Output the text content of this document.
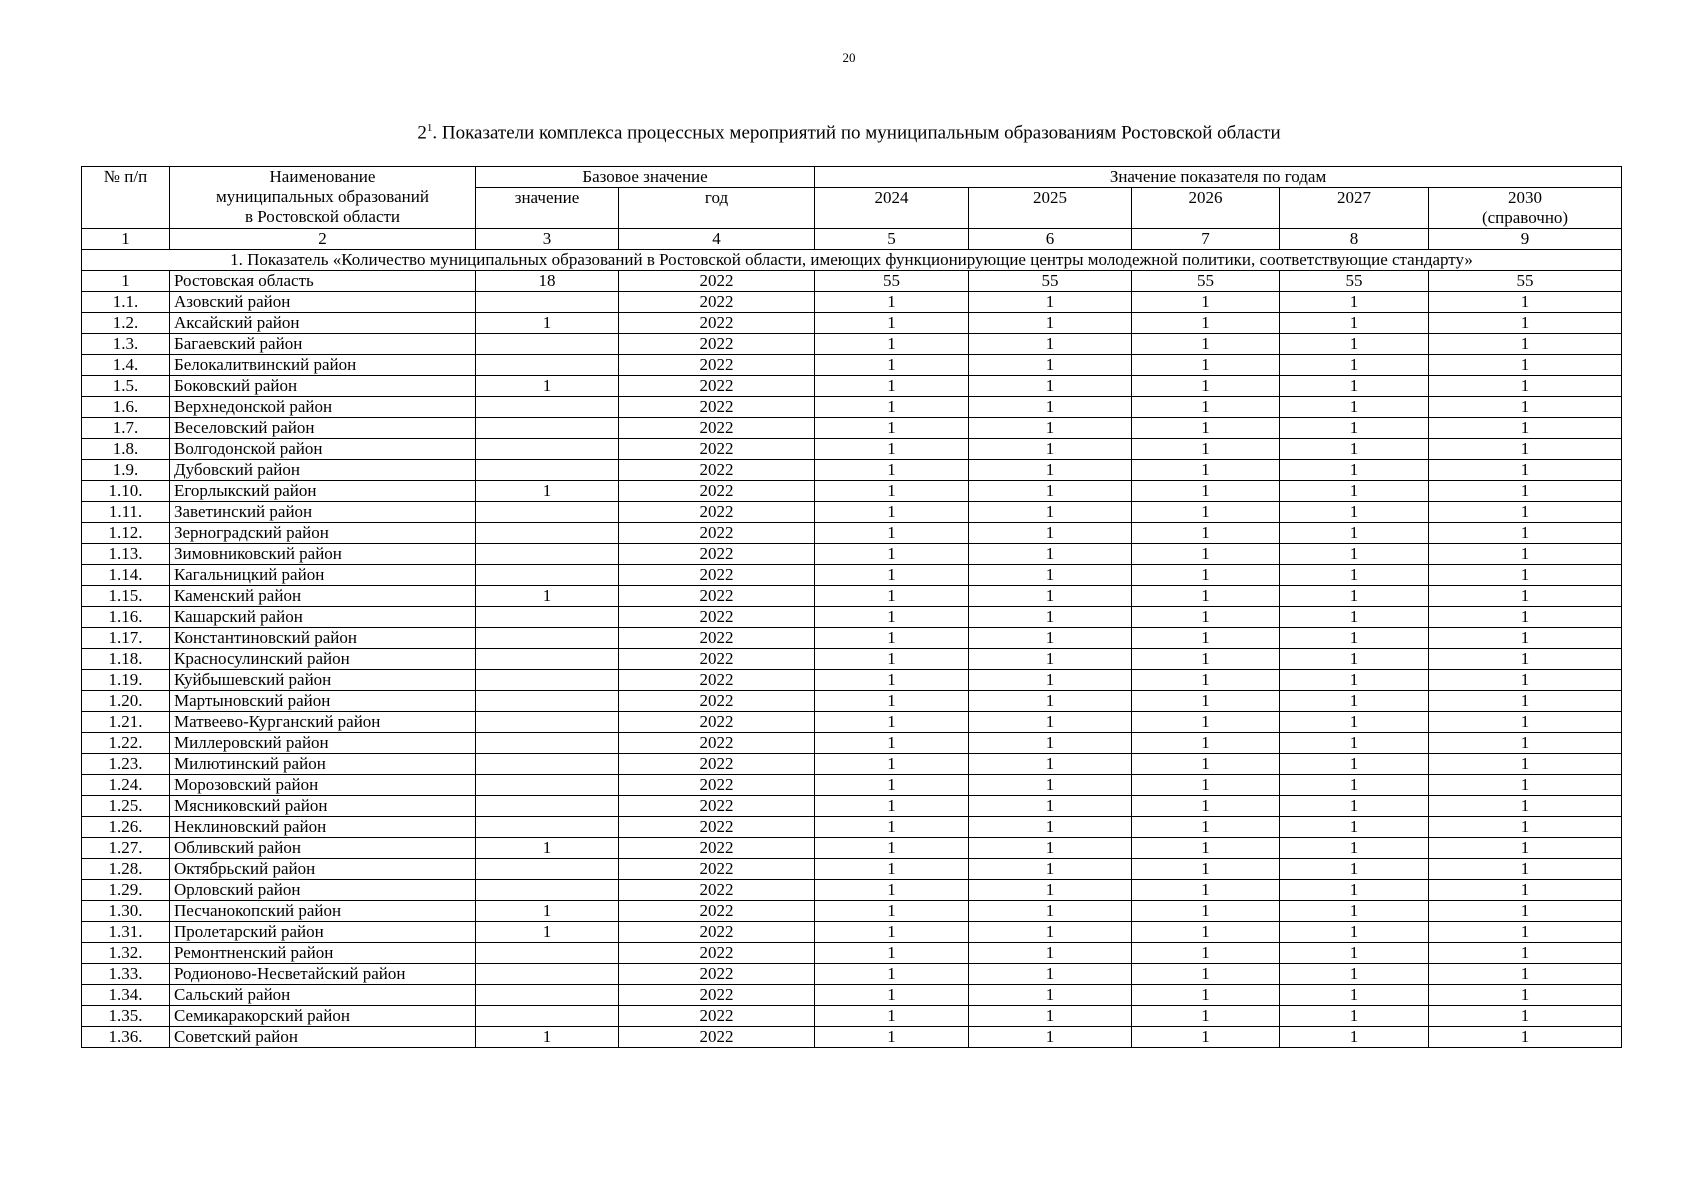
20
$2^1$. Показатели комплекса процессных мероприятий по муниципальным образованиям Ростовской области
№ п/п	Наименование
муниципальных образований
в Ростовской области	Базовое значение		Значение показателя по годам				
		значение	год	2024	2025	2026	2027	2030
(справочно)

1	2	3	4	5	6	7	8	9
1. Показатель «Количество муниципальных образований в Ростовской области, имеющих функционирующие центры молодежной политики, соответствующие стандарту»								
1	Ростовская область	18	2022	55	55	55	55	55
1.1.	Азовский район		2022	1	1	1	1	1
1.2.	Аксайский район	1	2022	1	1	1	1	1
1.3.	Багаевский район		2022	1	1	1	1	1
1.4.	Белокалитвинский район		2022	1	1	1	1	1
1.5.	Боковский район	1	2022	1	1	1	1	1
1.6.	Верхнедонской район		2022	1	1	1	1	1
1.7.	Веселовский район		2022	1	1	1	1	1
1.8.	Волгодонской район		2022	1	1	1	1	1
1.9.	Дубовский район		2022	1	1	1	1	1
1.10.	Егорлыкский район	1	2022	1	1	1	1	1
1.11.	Заветинский район		2022	1	1	1	1	1
1.12.	Зерноградский район		2022	1	1	1	1	1
1.13.	Зимовниковский район		2022	1	1	1	1	1
1.14.	Кагальницкий район		2022	1	1	1	1	1
1.15.	Каменский район	1	2022	1	1	1	1	1
1.16.	Кашарский район		2022	1	1	1	1	1
1.17.	Константиновский район		2022	1	1	1	1	1
1.18.	Красносулинский район		2022	1	1	1	1	1
1.19.	Куйбышевский район		2022	1	1	1	1	1
1.20.	Мартыновский район		2022	1	1	1	1	1
1.21.	Матвеево-Курганский район		2022	1	1	1	1	1
1.22.	Миллеровский район		2022	1	1	1	1	1
1.23.	Милютинский район		2022	1	1	1	1	1
1.24.	Морозовский район		2022	1	1	1	1	1
1.25.	Мясниковский район		2022	1	1	1	1	1
1.26.	Неклиновский район		2022	1	1	1	1	1
1.27.	Обливский район	1	2022	1	1	1	1	1
1.28.	Октябрьский район		2022	1	1	1	1	1
1.29.	Орловский район		2022	1	1	1	1	1
1.30.	Песчанокопский район	1	2022	1	1	1	1	1
1.31.	Пролетарский район	1	2022	1	1	1	1	1
1.32.	Ремонтненский район		2022	1	1	1	1	1
1.33.	Родионово-Несветайский район		2022	1	1	1	1	1
1.34.	Сальский район		2022	1	1	1	1	1
1.35.	Семикаракорский район		2022	1	1	1	1	1
1.36.	Советский район	1	2022	1	1	1	1	1
